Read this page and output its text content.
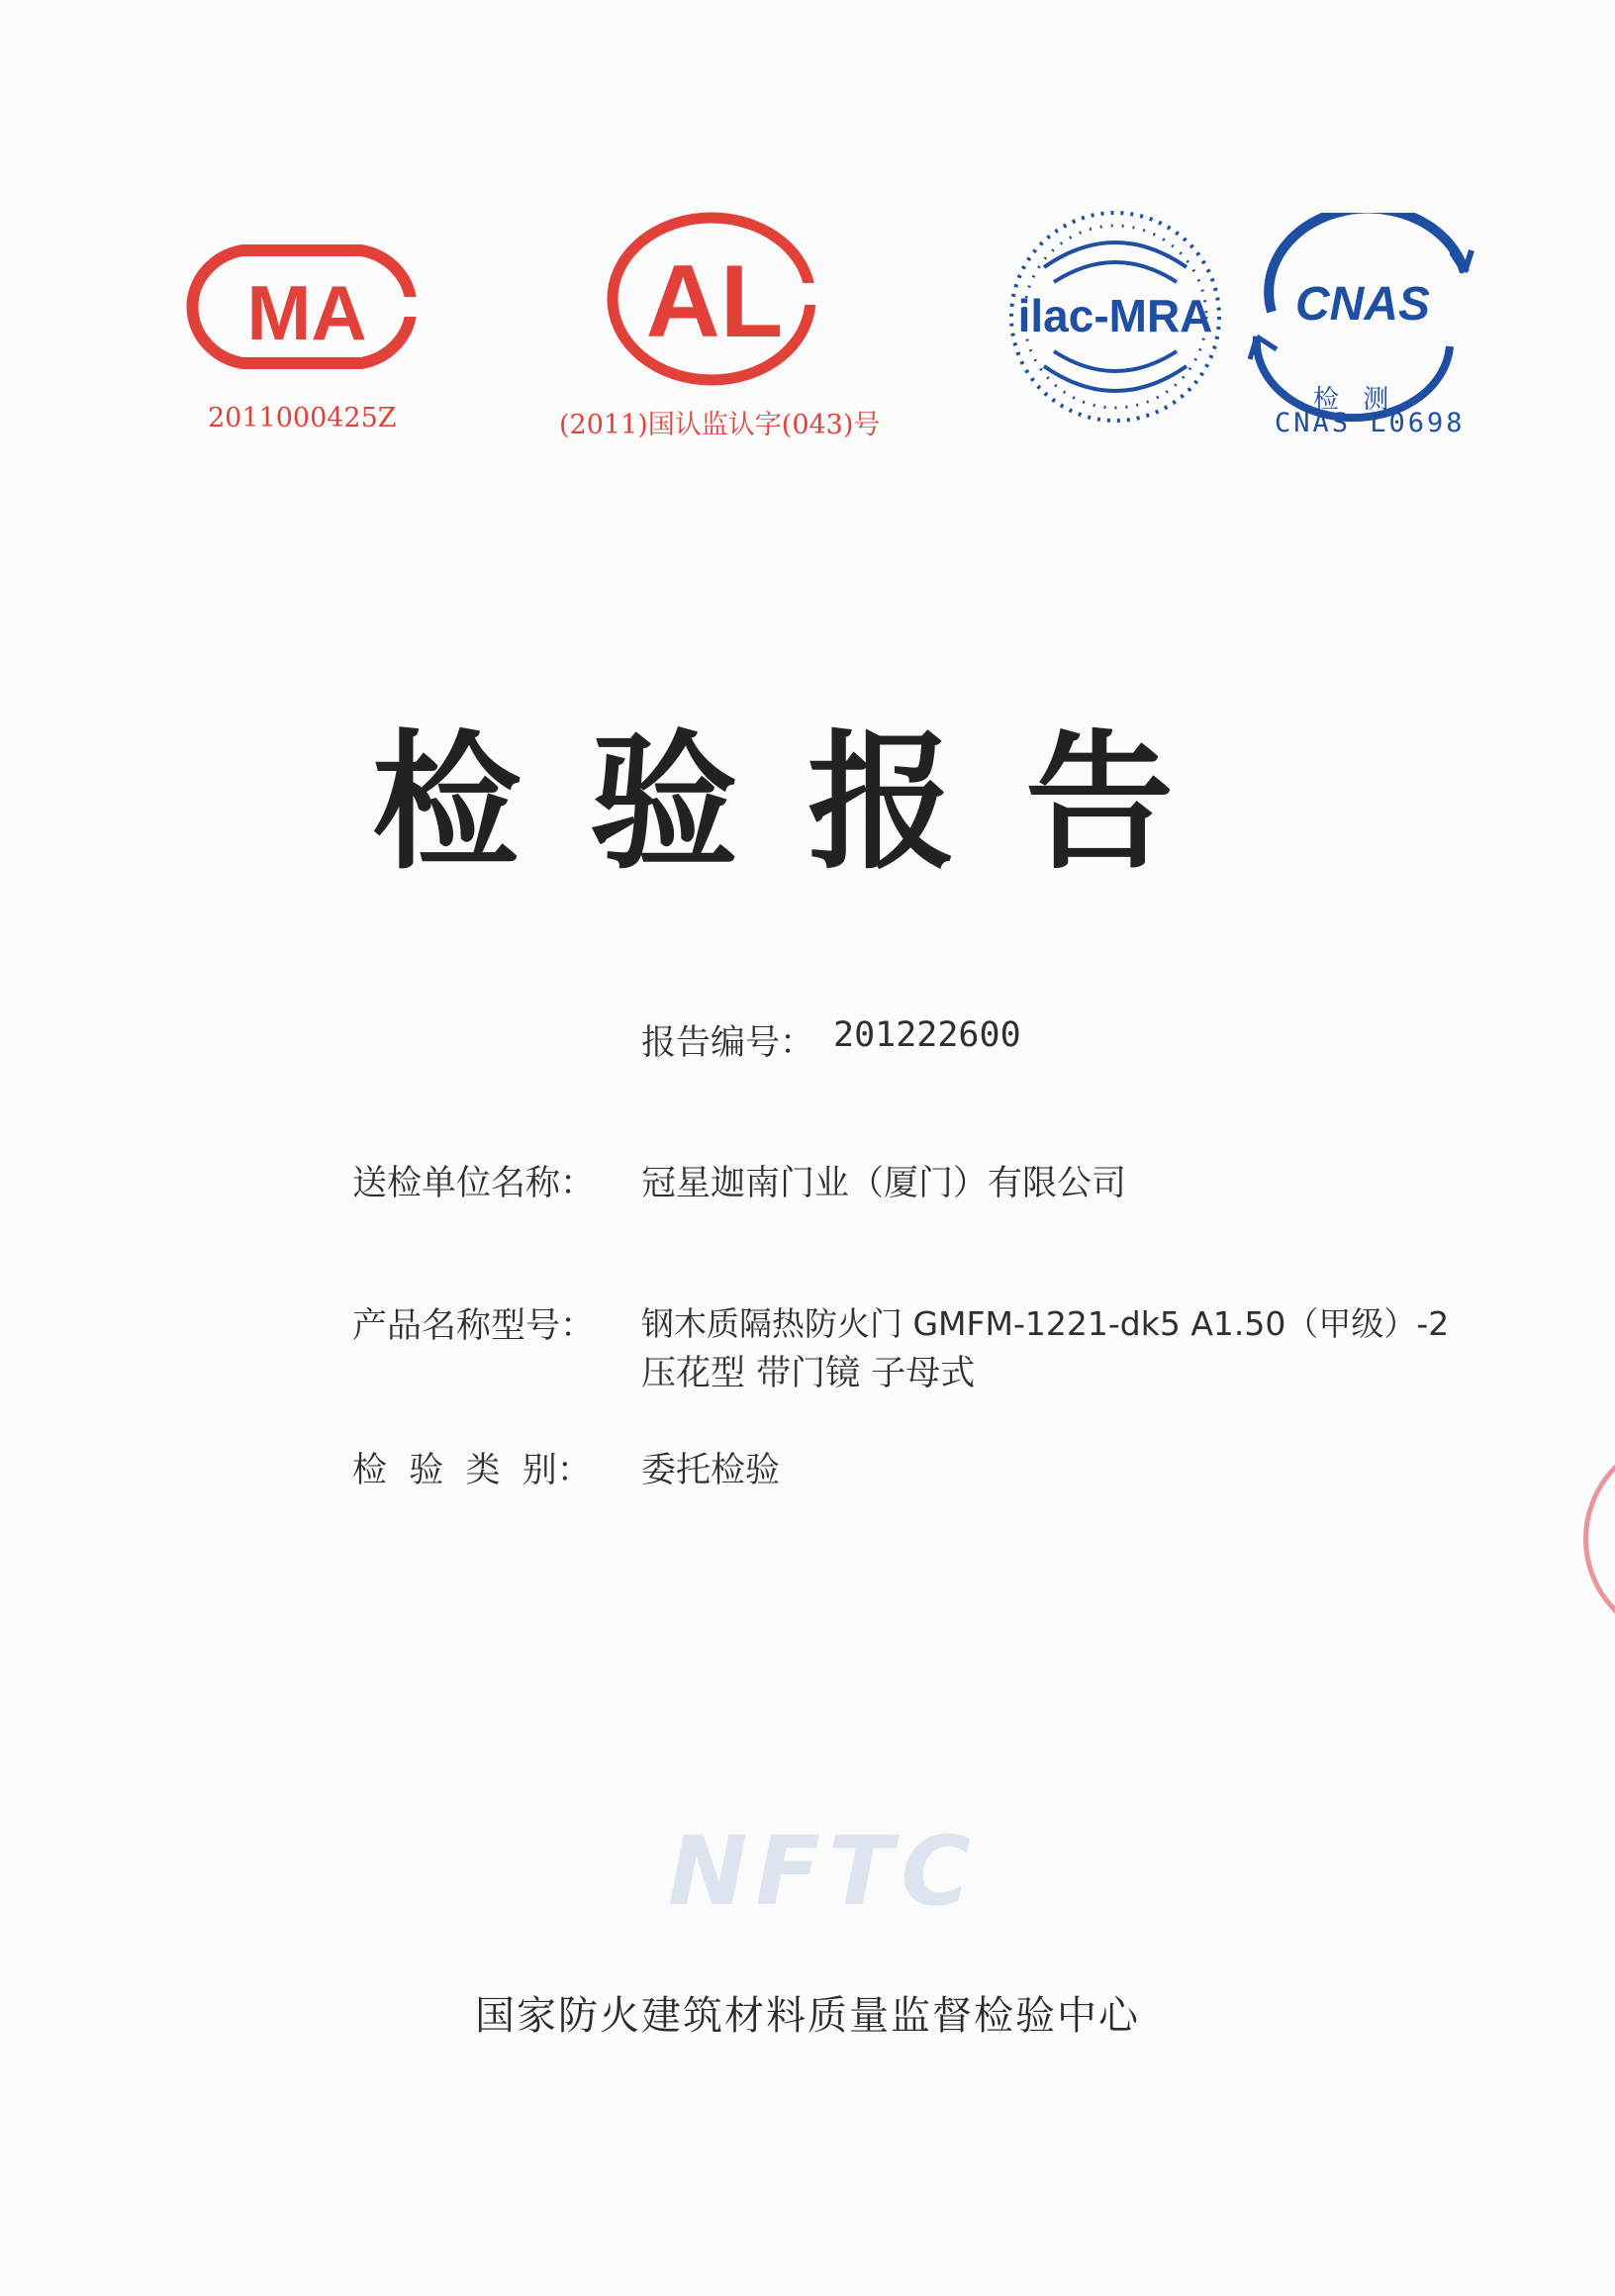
MA
2011000425Z
AL
(2011)国认监认字(043)号
ilac-MRA CNAS
检 测
CNAS L0698
检验报告
报告编号： 201222600
送检单位名称： 冠星迦南门业（厦门）有限公司
产品名称型号： 钢木质隔热防火门 GMFM-1221-dk5 A1.50（甲级）-2
压花型 带门镜 子母式
检  验  类  别： 委托检验
NFTC
国家防火建筑材料质量监督检验中心
